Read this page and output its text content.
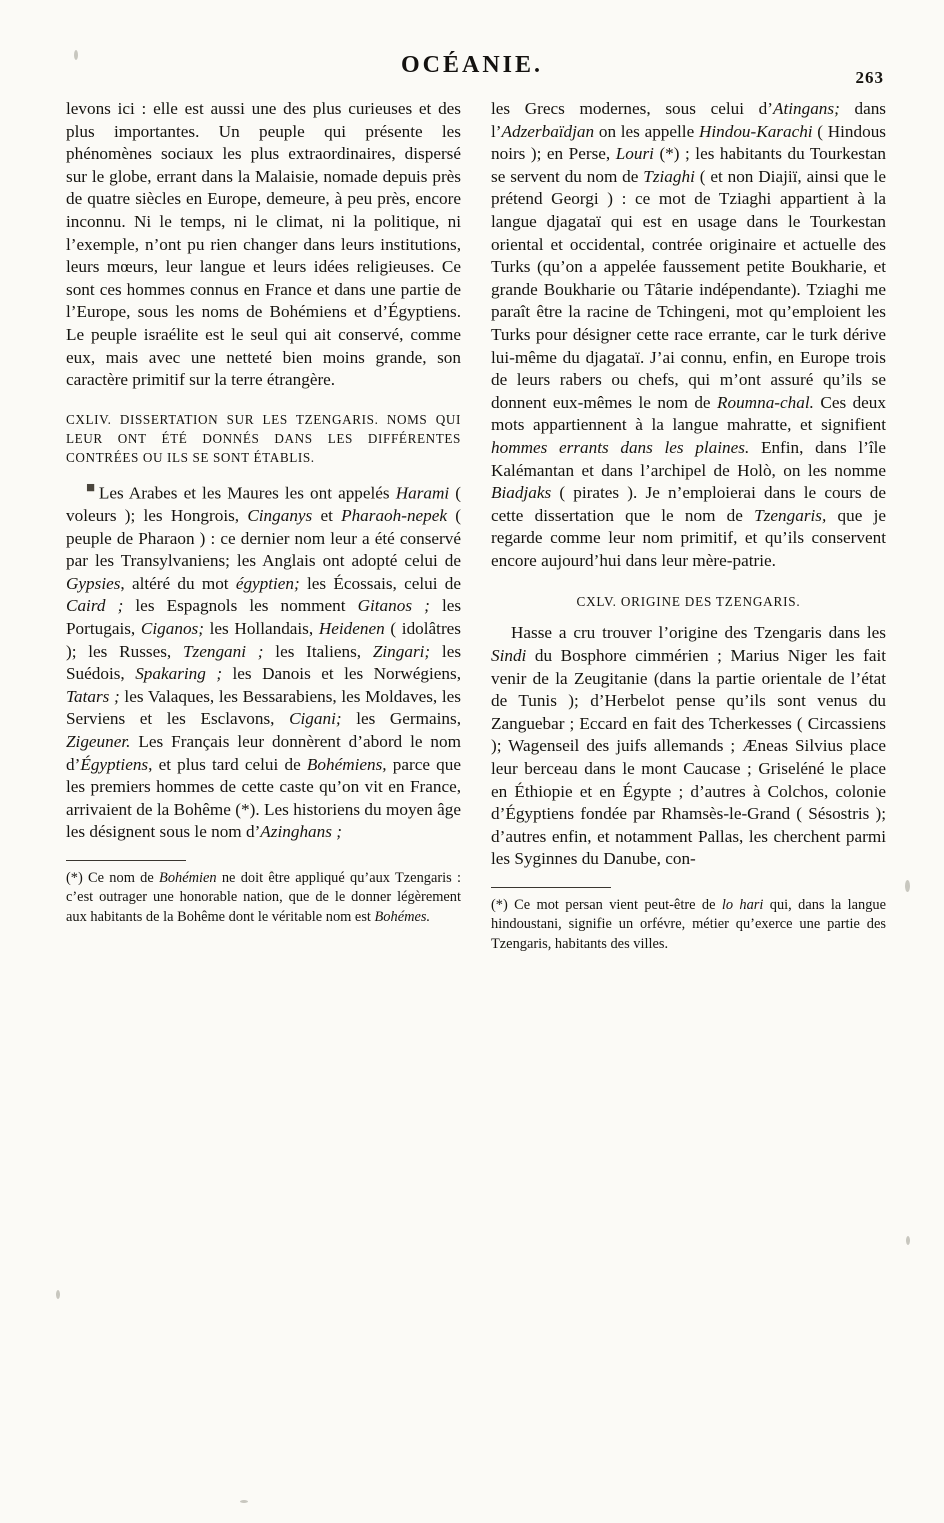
OCÉANIE.	263

levons ici : elle est aussi une des plus curieuses et des plus importantes. Un peuple qui présente les phénomènes sociaux les plus extraordinaires, dispersé sur le globe, errant dans la Malaisie, nomade depuis près de quatre siècles en Europe, demeure, à peu près, encore inconnu. Ni le temps, ni le climat, ni la politique, ni l’exemple, n’ont pu rien changer dans leurs institutions, leurs mœurs, leur langue et leurs idées religieuses. Ce sont ces hommes connus en France et dans une partie de l’Europe, sous les noms de Bohémiens et d’Égyptiens. Le peuple israélite est le seul qui ait conservé, comme eux, mais avec une netteté bien moins grande, son caractère primitif sur la terre étrangère.

CXLIV. DISSERTATION SUR LES TZENGARIS. NOMS QUI LEUR ONT ÉTÉ DONNÉS DANS LES DIFFÉRENTES CONTRÉES OU ILS SE SONT ÉTABLIS.

■ Les Arabes et les Maures les ont appelés Harami ( voleurs ); les Hongrois, Cinganys et Pharaoh-nepek ( peuple de Pharaon ) : ce dernier nom leur a été conservé par les Transylvaniens; les Anglais ont adopté celui de Gypsies, altéré du mot égyptien; les Écossais, celui de Caird ; les Espagnols les nomment Gitanos ; les Portugais, Ciganos; les Hollandais, Heidenen ( idolâtres ); les Russes, Tzengani ; les Italiens, Zingari; les Suédois, Spakaring ; les Danois et les Norwégiens, Tatars ; les Valaques, les Bessarabiens, les Moldaves, les Serviens et les Esclavons, Cigani; les Germains, Zigeuner. Les Français leur donnèrent d’abord le nom d’Égyptiens, et plus tard celui de Bohémiens, parce que les premiers hommes de cette caste qu’on vit en France, arrivaient de la Bohême (*). Les historiens du moyen âge les désignent sous le nom d’Azinghans ;

(*) Ce nom de Bohémien ne doit être appliqué qu’aux Tzengaris : c’est outrager une honorable nation, que de le donner légèrement aux habitants de la Bohême dont le véritable nom est Bohémes.

les Grecs modernes, sous celui d’Atingans; dans l’Adzerbaïdjan on les appelle Hindou-Karachi ( Hindous noirs ); en Perse, Louri (*) ; les habitants du Tourkestan se servent du nom de Tziaghi ( et non Diajiï, ainsi que le prétend Georgi ) : ce mot de Tziaghi appartient à la langue djagataï qui est en usage dans le Tourkestan oriental et occidental, contrée originaire et actuelle des Turks (qu’on a appelée faussement petite Boukharie, et grande Boukharie ou Tâtarie indépendante). Tziaghi me paraît être la racine de Tchingeni, mot qu’emploient les Turks pour désigner cette race errante, car le turk dérive lui-même du djagataï. J’ai connu, enfin, en Europe trois de leurs rabers ou chefs, qui m’ont assuré qu’ils se donnent eux-mêmes le nom de Roumna-chal. Ces deux mots appartiennent à la langue mahratte, et signifient hommes errants dans les plaines. Enfin, dans l’île Kalémantan et dans l’archipel de Holò, on les nomme Biadjaks ( pirates ). Je n’emploierai dans le cours de cette dissertation que le nom de Tzengaris, que je regarde comme leur nom primitif, et qu’ils conservent encore aujourd’hui dans leur mère-patrie.

CXLV. ORIGINE DES TZENGARIS.

Hasse a cru trouver l’origine des Tzengaris dans les Sindi du Bosphore cimmérien ; Marius Niger les fait venir de la Zeugitanie (dans la partie orientale de l’état de Tunis ); d’Herbelot pense qu’ils sont venus du Zanguebar ; Eccard en fait des Tcherkesses ( Circassiens ); Wagenseil des juifs allemands ; Æneas Silvius place leur berceau dans le mont Caucase ; Griseléné le place en Éthiopie et en Égypte ; d’autres à Colchos, colonie d’Égyptiens fondée par Rhamsès-le-Grand ( Sésostris ); d’autres enfin, et notamment Pallas, les cherchent parmi les Syginnes du Danube, con-

(*) Ce mot persan vient peut-être de lo hari qui, dans la langue hindoustani, signifie un orfévre, métier qu’exerce une partie des Tzengaris, habitants des villes.
